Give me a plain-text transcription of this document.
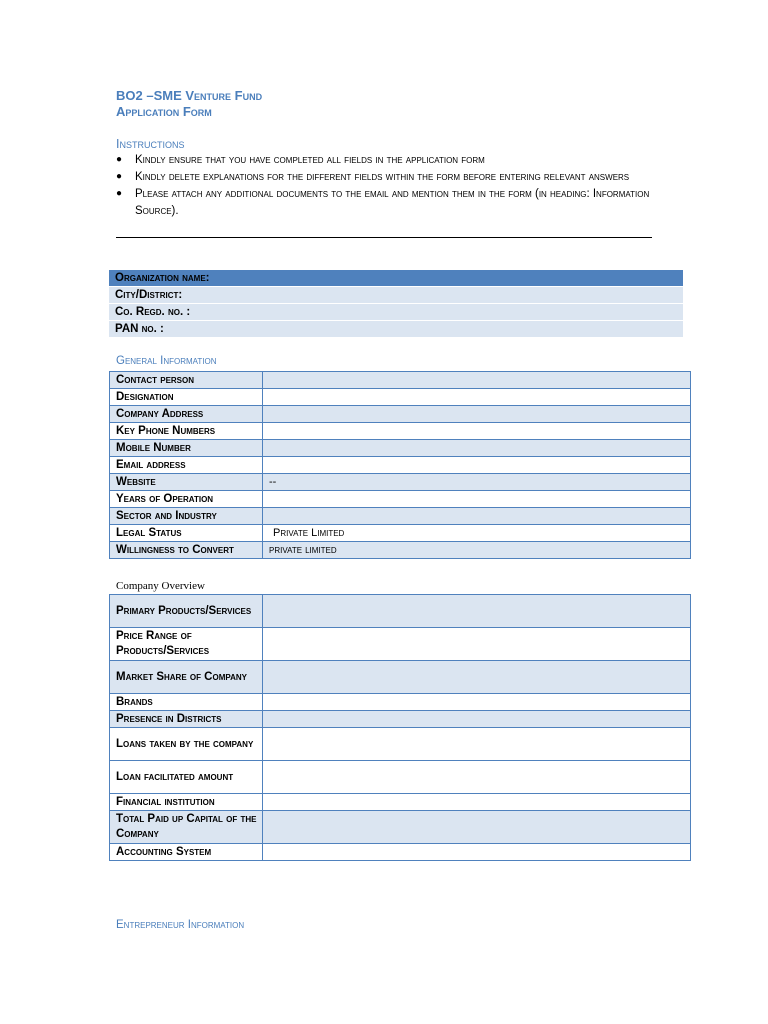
BO2 –SME Venture Fund
Application Form
Instructions
● Kindly ensure that you have completed all fields in the application form
● Kindly delete explanations for the different fields within the form before entering relevant answers
● Please attach any additional documents to the email and mention them in the form (in heading: Information Source).
Organization name:
City/District:
Co. Regd. no. :
PAN no. :
General Information
Contact person	
Designation	
Company Address	
Key Phone Numbers	
Mobile Number	
Email address	
Website	--
Years of Operation	
Sector and Industry	
Legal Status	Private Limited
Willingness to Convert	private limited
Company Overview
Primary Products/Services	
Price Range of Products/Services	
Market Share of Company	
Brands	
Presence in Districts	
Loans taken by the company	
Loan facilitated amount	
Financial institution	
Total Paid up Capital of the Company	
Accounting System	
Entrepreneur Information
